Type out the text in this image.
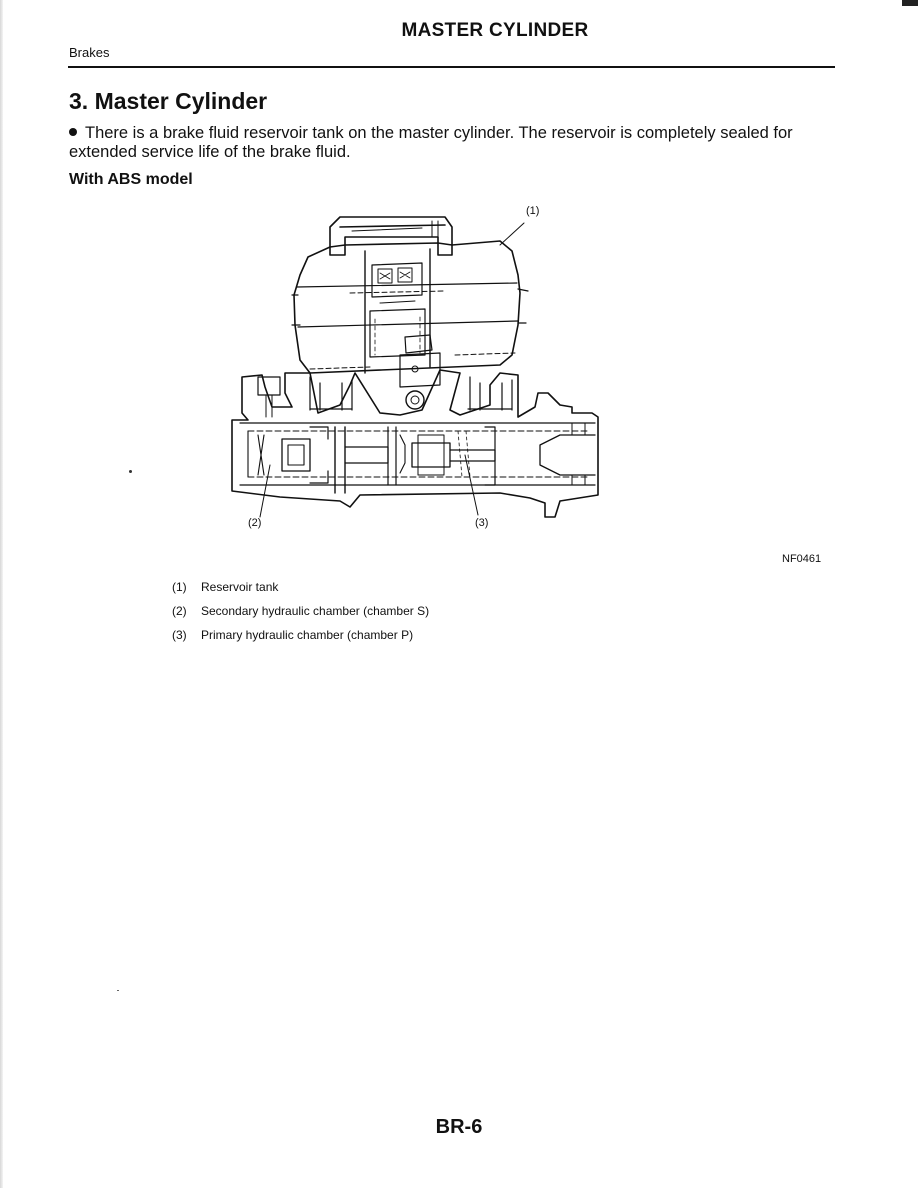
MASTER CYLINDER
Brakes
3. Master Cylinder

There is a brake fluid reservoir tank on the master cylinder. The reservoir is completely sealed for extended service life of the brake fluid.

With ABS model
(1)
(2)	(3)
NF0461
(1)	Reservoir tank
(2)	Secondary hydraulic chamber (chamber S)
(3)	Primary hydraulic chamber (chamber P)
BR-6
